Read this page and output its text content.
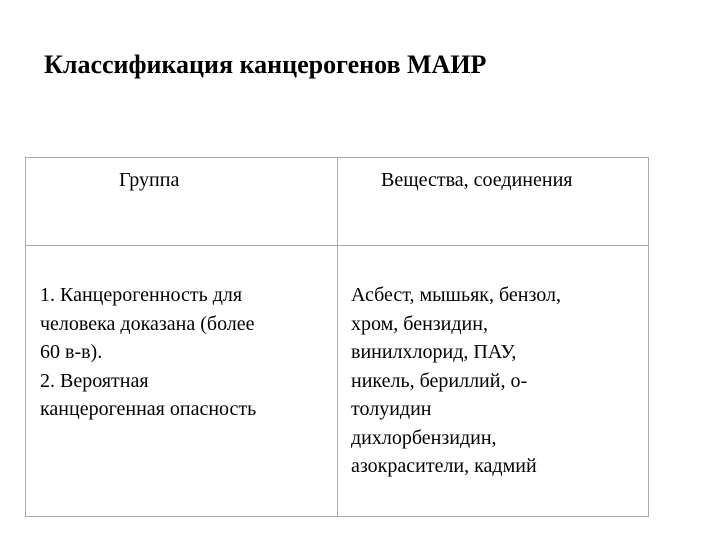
Классификация канцерогенов МАИР
Группа	Вещества, соединения
1. Канцерогенность для
человека доказана (более
60 в-в).
2. Вероятная
канцерогенная опасность
Асбест, мышьяк, бензол,
хром, бензидин,
винилхлорид, ПАУ,
никель, бериллий, о-
толуидин
дихлорбензидин,
азокрасители, кадмий
